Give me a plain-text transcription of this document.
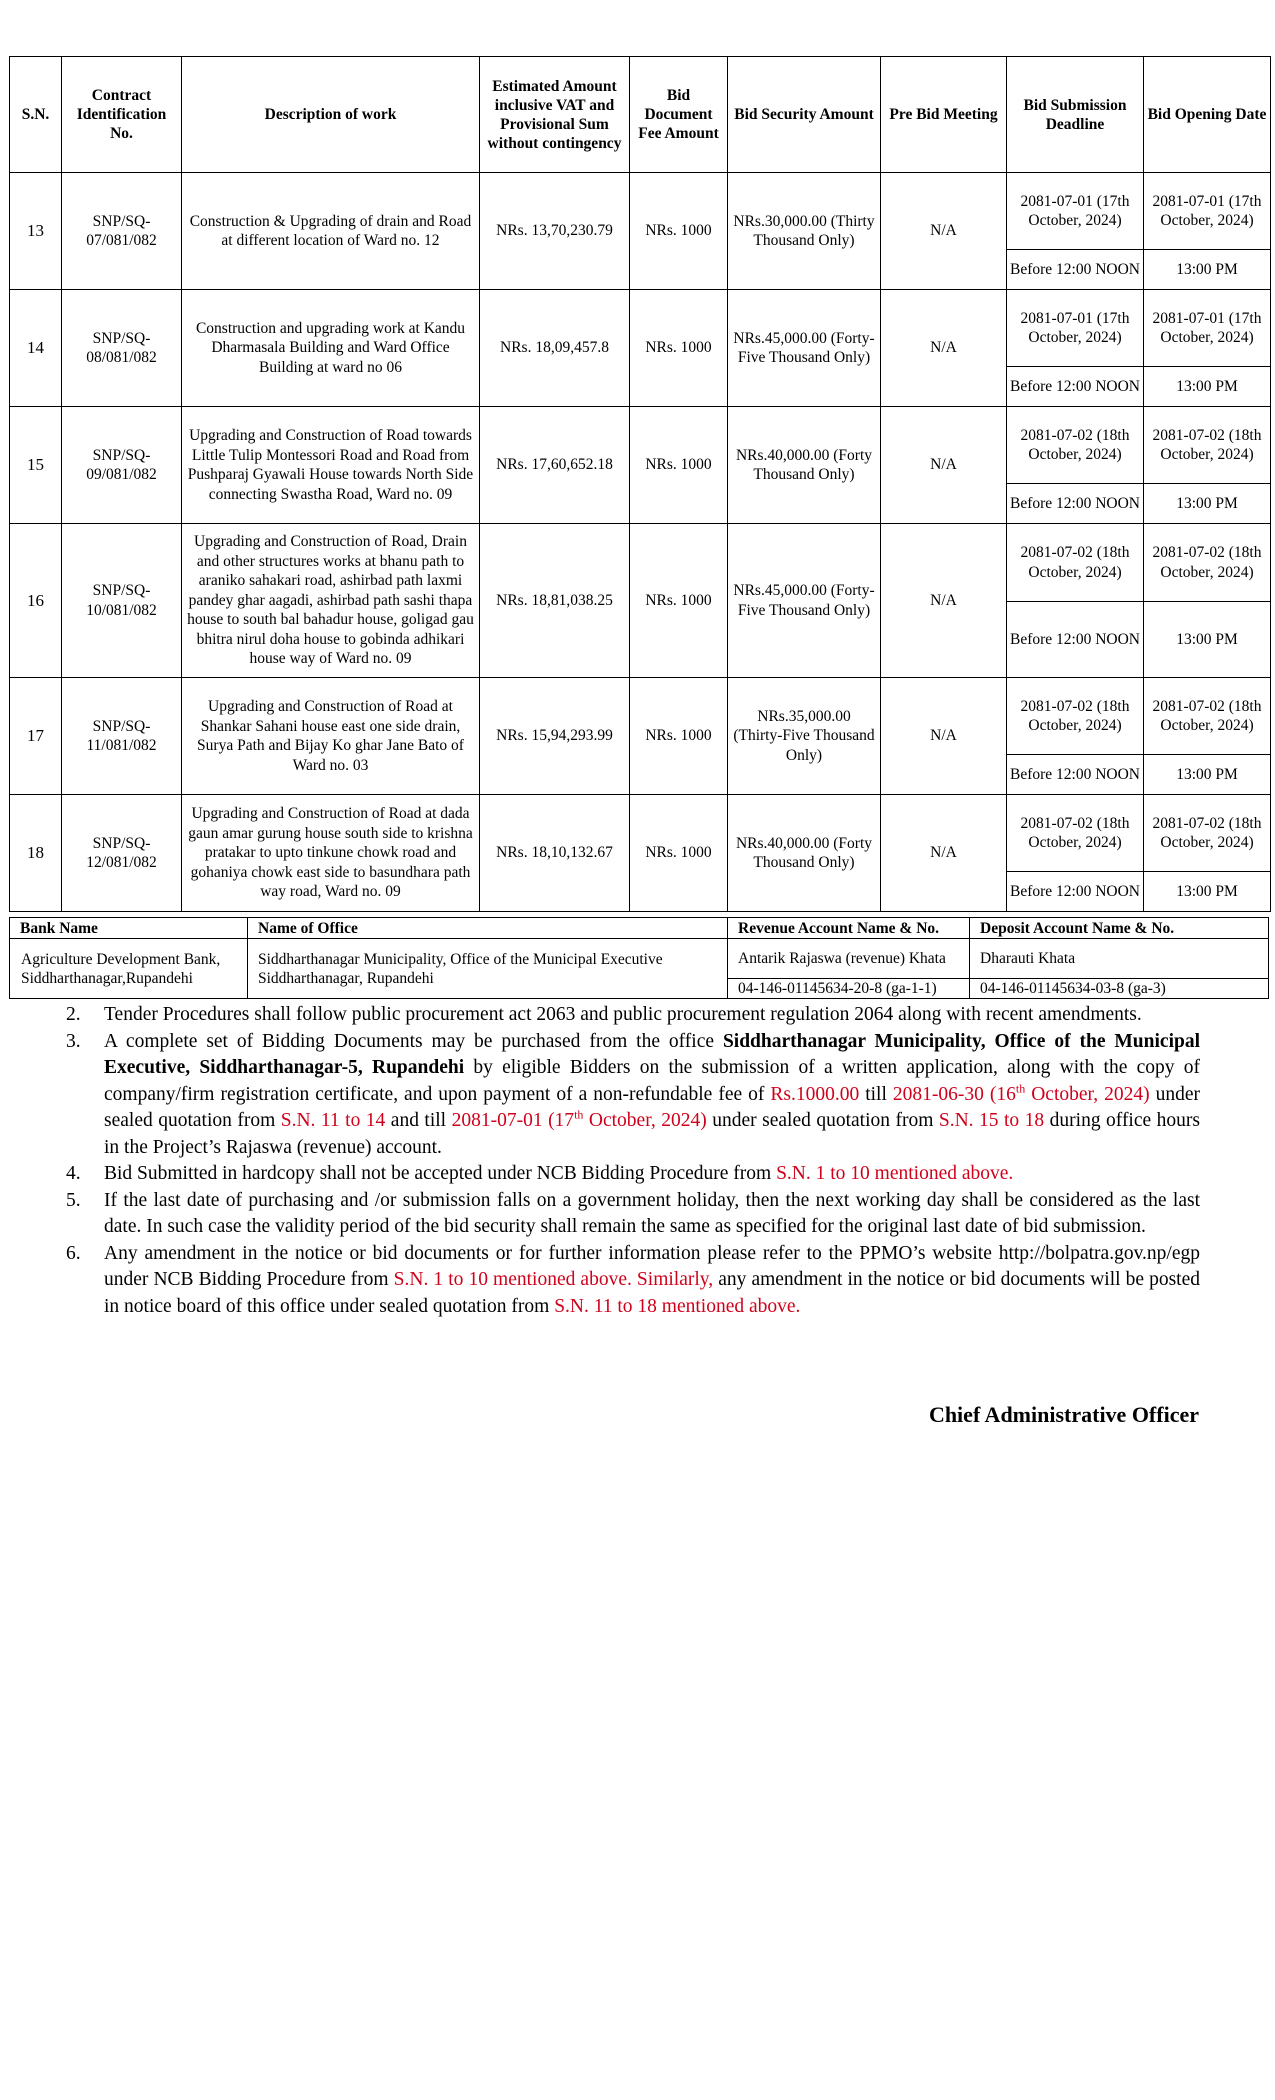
S.N.	Contract Identification No.	Description of work	Estimated Amount inclusive VAT and Provisional Sum without contingency	Bid Document Fee Amount	Bid Security Amount	Pre Bid Meeting	Bid Submission Deadline	Bid Opening Date
13	SNP/SQ-07/081/082	Construction & Upgrading of drain and Road at different location of Ward no. 12	NRs. 13,70,230.79	NRs. 1000	NRs.30,000.00 (Thirty Thousand Only)	N/A	2081-07-01 (17th October, 2024)	2081-07-01 (17th October, 2024)
							Before 12:00 NOON	13:00 PM
14	SNP/SQ-08/081/082	Construction and upgrading work at Kandu Dharmasala Building and Ward Office Building at ward no 06	NRs. 18,09,457.8	NRs. 1000	NRs.45,000.00 (Forty-Five Thousand Only)	N/A	2081-07-01 (17th October, 2024)	2081-07-01 (17th October, 2024)
							Before 12:00 NOON	13:00 PM
15	SNP/SQ-09/081/082	Upgrading and Construction of Road towards Little Tulip Montessori Road and Road from Pushparaj Gyawali House towards North Side connecting Swastha Road, Ward no. 09	NRs. 17,60,652.18	NRs. 1000	NRs.40,000.00 (Forty Thousand Only)	N/A	2081-07-02 (18th October, 2024)	2081-07-02 (18th October, 2024)
							Before 12:00 NOON	13:00 PM
16	SNP/SQ-10/081/082	Upgrading and Construction of Road, Drain and other structures works at bhanu path to araniko sahakari road, ashirbad path laxmi pandey ghar aagadi, ashirbad path sashi thapa house to south bal bahadur house, goligad gau bhitra nirul doha house to gobinda adhikari house way of Ward no. 09	NRs. 18,81,038.25	NRs. 1000	NRs.45,000.00 (Forty-Five Thousand Only)	N/A	2081-07-02 (18th October, 2024)	2081-07-02 (18th October, 2024)
							Before 12:00 NOON	13:00 PM
17	SNP/SQ-11/081/082	Upgrading and Construction of Road at Shankar Sahani house east one side drain, Surya Path and Bijay Ko ghar Jane Bato of Ward no. 03	NRs. 15,94,293.99	NRs. 1000	NRs.35,000.00 (Thirty-Five Thousand Only)	N/A	2081-07-02 (18th October, 2024)	2081-07-02 (18th October, 2024)
							Before 12:00 NOON	13:00 PM
18	SNP/SQ-12/081/082	Upgrading and Construction of Road at dada gaun amar gurung house south side to krishna pratakar to upto tinkune chowk road and gohaniya chowk east side to basundhara path way road, Ward no. 09	NRs. 18,10,132.67	NRs. 1000	NRs.40,000.00 (Forty Thousand Only)	N/A	2081-07-02 (18th October, 2024)	2081-07-02 (18th October, 2024)
							Before 12:00 NOON	13:00 PM
Bank Name	Name of Office	Revenue Account Name & No.	Deposit Account Name & No.
Agriculture Development Bank, Siddharthanagar,Rupandehi	Siddharthanagar Municipality, Office of the Municipal Executive Siddharthanagar, Rupandehi	Antarik Rajaswa (revenue) Khata	Dharauti Khata
		04-146-01145634-20-8 (ga-1-1)	04-146-01145634-03-8 (ga-3)
2. Tender Procedures shall follow public procurement act 2063 and public procurement regulation 2064 along with recent amendments.
3. A complete set of Bidding Documents may be purchased from the office Siddharthanagar Municipality, Office of the Municipal Executive, Siddharthanagar-5, Rupandehi by eligible Bidders on the submission of a written application, along with the copy of company/firm registration certificate, and upon payment of a non-refundable fee of Rs.1000.00 till 2081-06-30 (16th October, 2024) under sealed quotation from S.N. 11 to 14 and till 2081-07-01 (17th October, 2024) under sealed quotation from S.N. 15 to 18 during office hours in the Project’s Rajaswa (revenue) account.
4. Bid Submitted in hardcopy shall not be accepted under NCB Bidding Procedure from S.N. 1 to 10 mentioned above.
5. If the last date of purchasing and /or submission falls on a government holiday, then the next working day shall be considered as the last date. In such case the validity period of the bid security shall remain the same as specified for the original last date of bid submission.
6. Any amendment in the notice or bid documents or for further information please refer to the PPMO’s website http://bolpatra.gov.np/egp under NCB Bidding Procedure from S.N. 1 to 10 mentioned above. Similarly, any amendment in the notice or bid documents will be posted in notice board of this office under sealed quotation from S.N. 11 to 18 mentioned above.
Chief Administrative Officer
